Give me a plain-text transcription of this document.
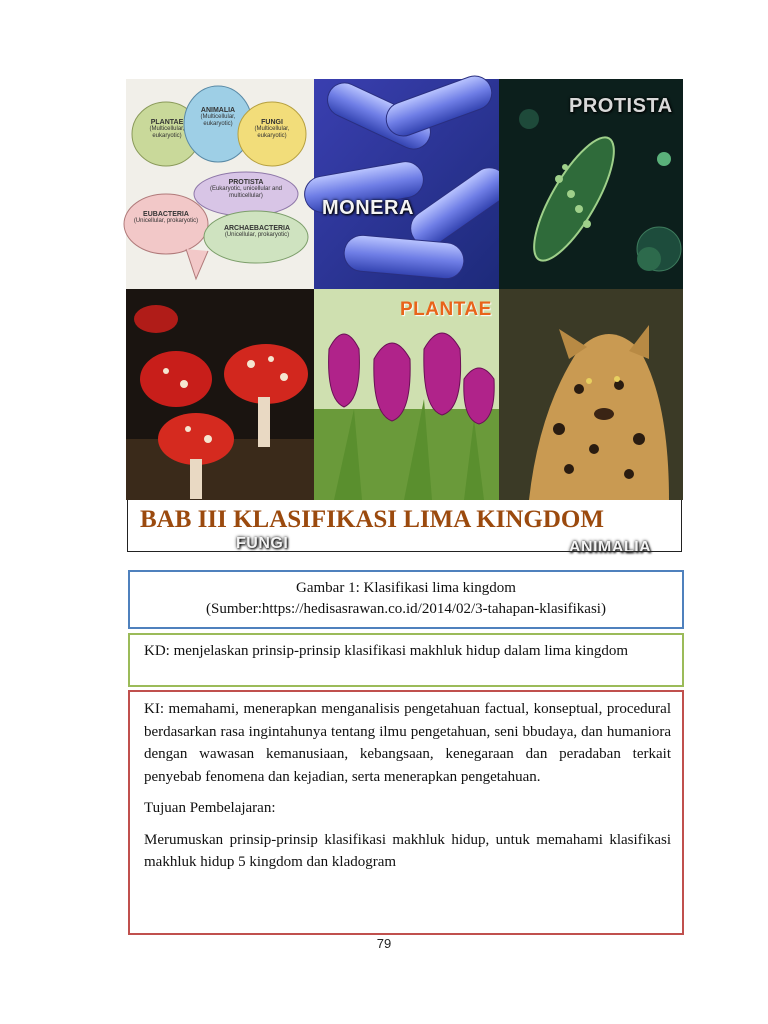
PLANTAE
(Multicellular, eukaryotic)
ANIMALIA
(Multicellular, eukaryotic)	FUNGI
(Multicellular, eukaryotic)
PROTISTA
(Eukaryotic, unicellular and multicellular)
EUBACTERIA
(Unicellular, prokaryotic)
ARCHAEBACTERIA
(Unicellular, prokaryotic)
MONERA
PROTISTA
FUNGI
PLANTAE
ANIMALIA
BAB III KLASIFIKASI LIMA KINGDOM
Gambar 1: Klasifikasi lima kingdom
(Sumber:https://hedisasrawan.co.id/2014/02/3-tahapan-klasifikasi)
KD: menjelaskan prinsip-prinsip klasifikasi makhluk hidup dalam lima kingdom

KI: memahami, menerapkan menganalisis pengetahuan factual, konseptual, procedural berdasarkan rasa ingintahunya tentang ilmu pengetahuan, seni bbudaya, dan humaniora dengan wawasan kemanusiaan, kebangsaan, kenegaraan dan peradaban terkait penyebab fenomena dan kejadian, serta menerapkan pengetahuan.

Tujuan Pembelajaran:

Merumuskan prinsip-prinsip klasifikasi makhluk hidup, untuk memahami klasifikasi makhluk hidup 5 kingdom dan kladogram

79
